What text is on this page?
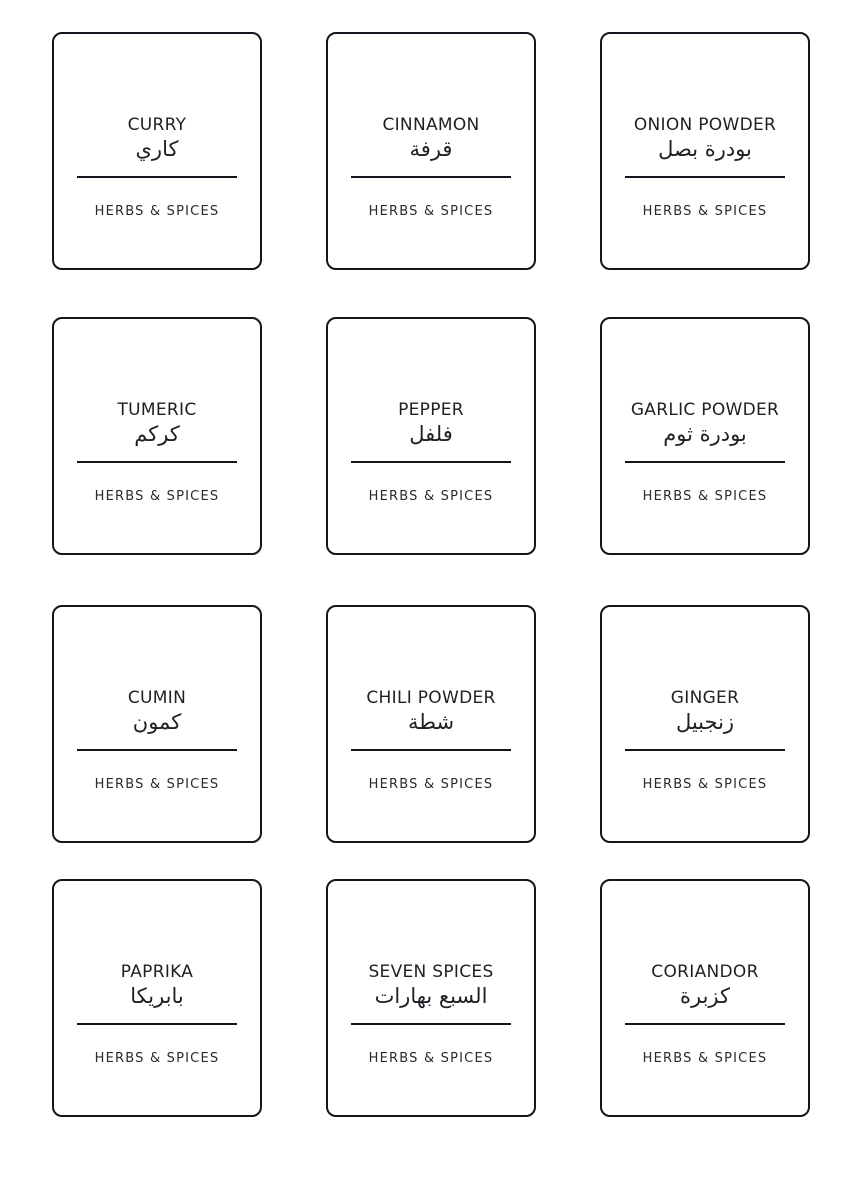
CURRY
كاري
HERBS & SPICES
CINNAMON
قرفة
HERBS & SPICES
ONION POWDER
بودرة بصل
HERBS & SPICES
TUMERIC
كركم
HERBS & SPICES
PEPPER
فلفل
HERBS & SPICES
GARLIC POWDER
بودرة ثوم
HERBS & SPICES
CUMIN
كمون
HERBS & SPICES
CHILI POWDER
شطة
HERBS & SPICES
GINGER
زنجبيل
HERBS & SPICES
PAPRIKA
بابريكا
HERBS & SPICES
SEVEN SPICES
السبع بهارات
HERBS & SPICES
CORIANDOR
كزبرة
HERBS & SPICES
